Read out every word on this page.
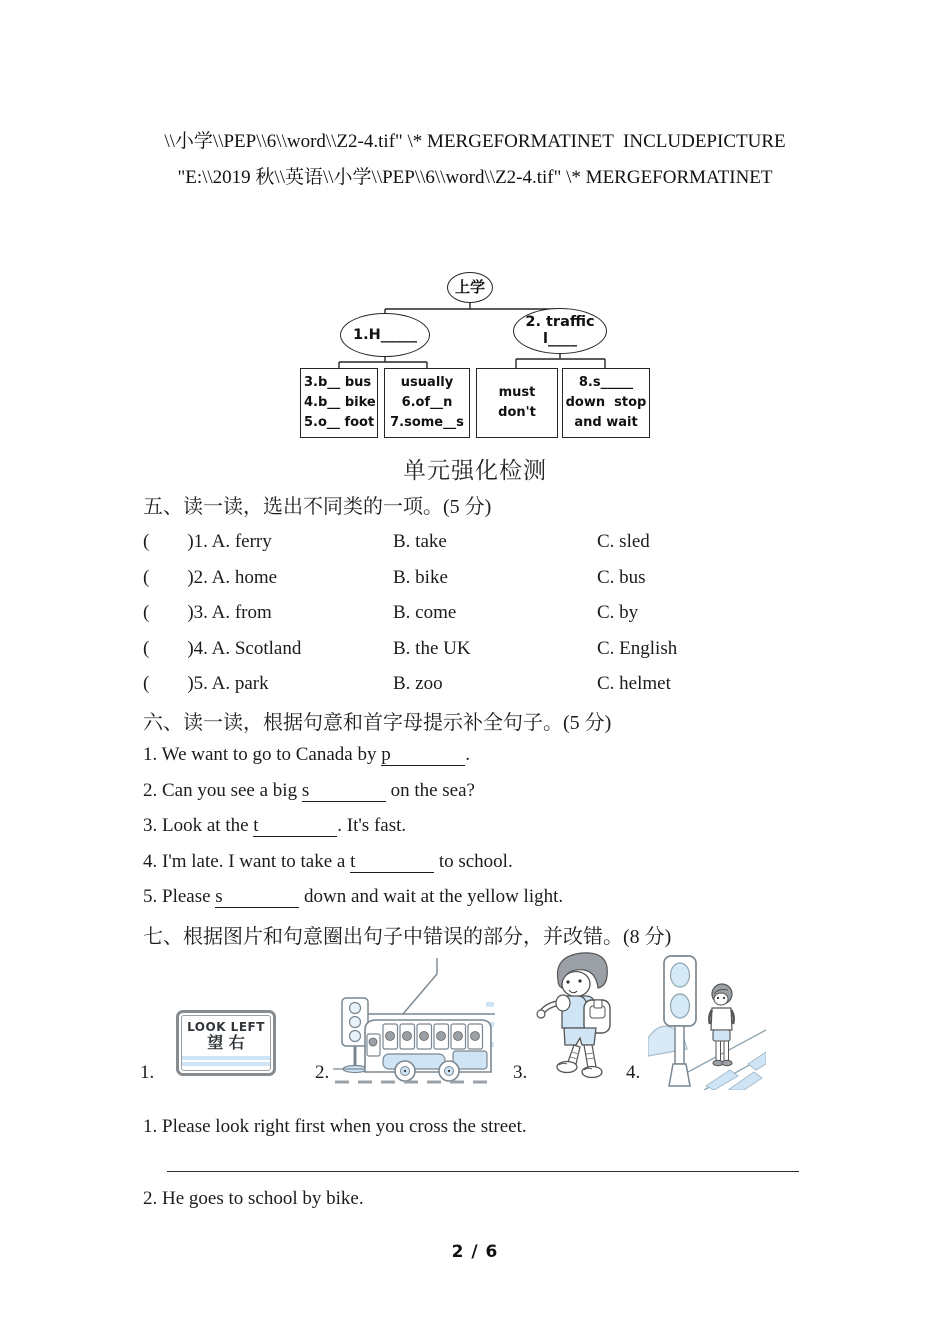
\\小学\\PEP\\6\\word\\Z2-4.tif" \* MERGEFORMATINET  INCLUDEPICTURE
"E:\\2019 秋\\英语\\小学\\PEP\\6\\word\\Z2-4.tif" \* MERGEFORMATINET
上学
1.H_____
2. traffic
l____
3.b__ bus
4.b__ bike
5.o__ foot
usually
6.of__n
7.some__s
must
don't
8.s_____
down  stop
and wait
单元强化检测
五、读一读，选出不同类的一项。(5 分)
(        )1. A. ferry	B. take	C. sled
(        )2. A. home	B. bike	C. bus
(        )3. A. from	B. come	C. by
(        )4. A. Scotland	B. the UK	C. English
(        )5. A. park	B. zoo	C. helmet
六、读一读，根据句意和首字母提示补全句子。(5 分)
1. We want to go to Canada by p	.
2. Can you see a big s	on the sea?
3. Look at the t	. It's fast.
4. I'm late. I want to take a t	to school.
5. Please s	down and wait at the yellow light.
七、根据图片和句意圈出句子中错误的部分，并改错。(8 分)
1.	2.	3.	4.
LOOK LEFT
望 右
1. Please look right first when you cross the street.
2. He goes to school by bike.
2 / 6
